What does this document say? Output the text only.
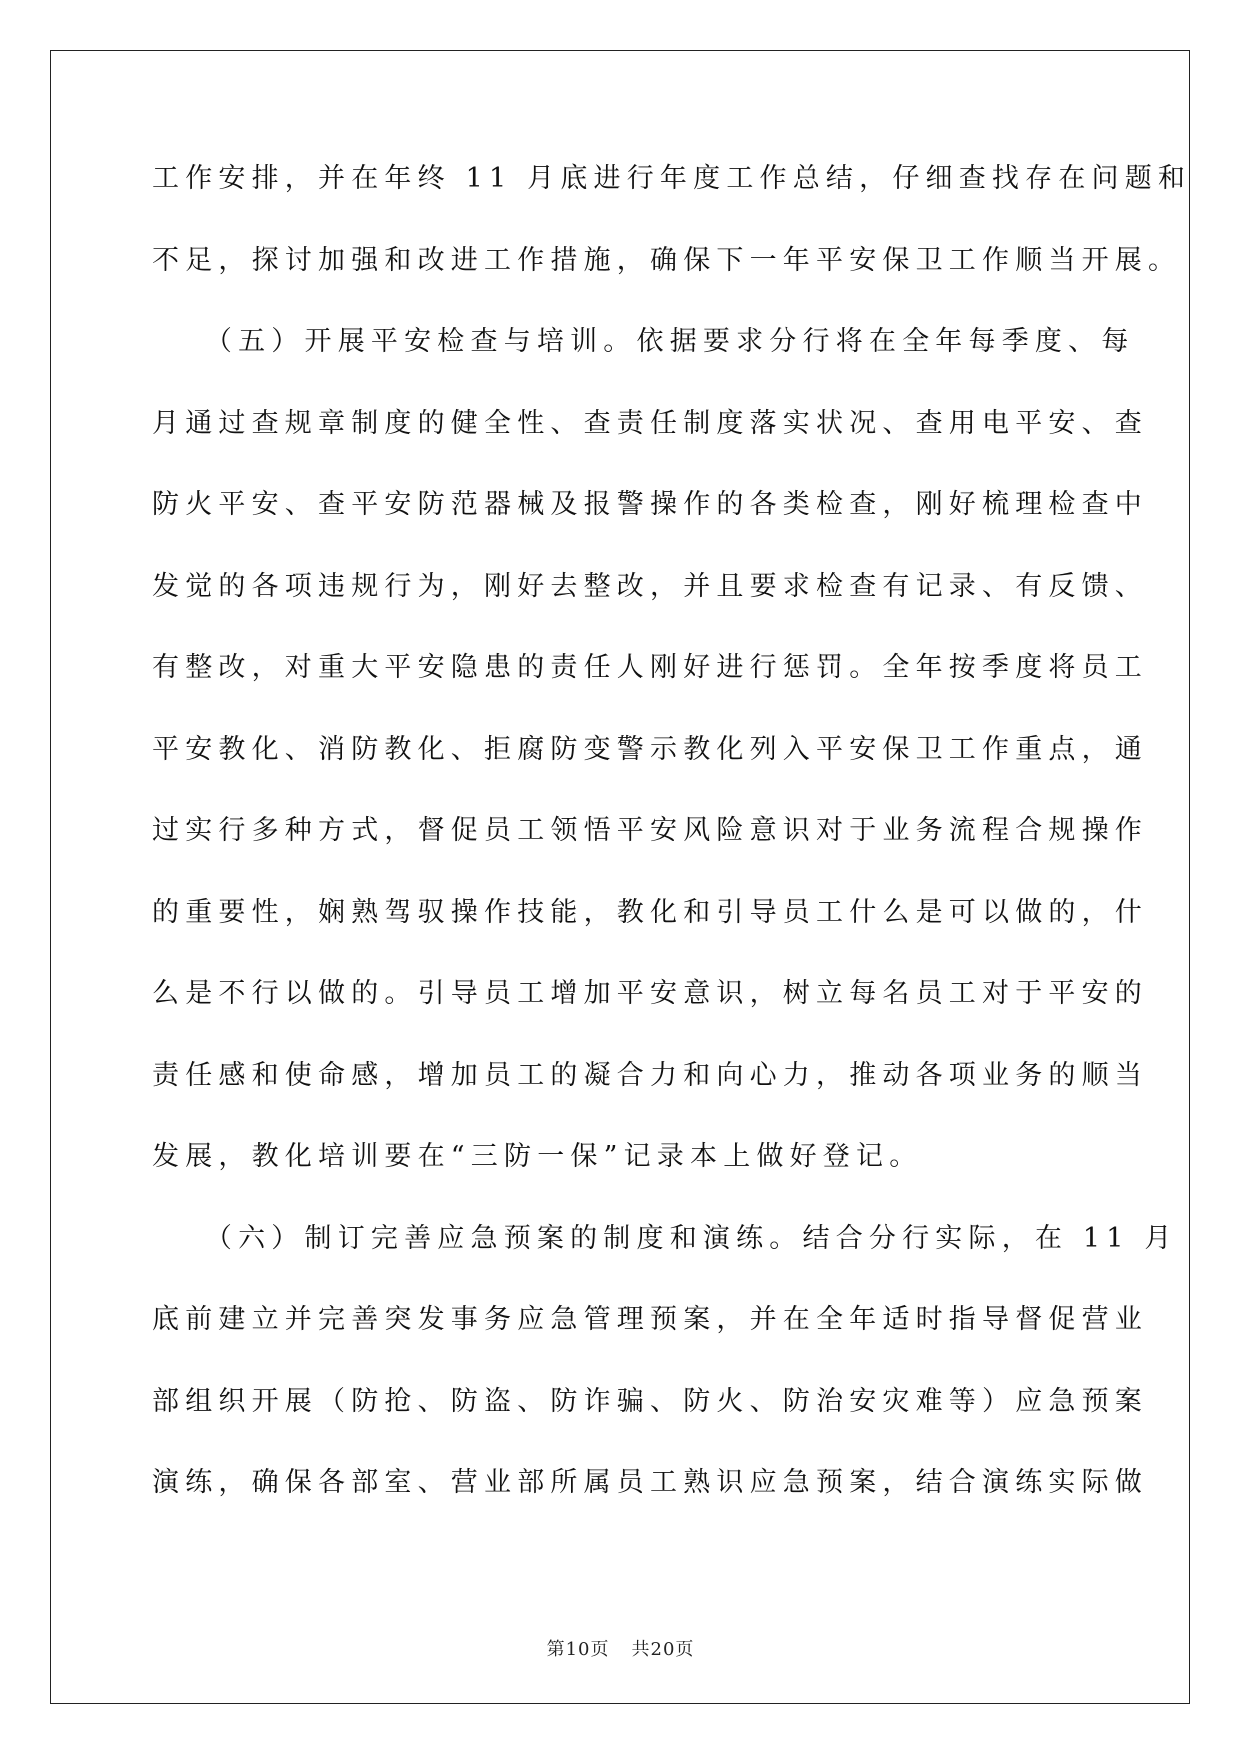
工作安排，并在年终 11 月底进行年度工作总结，仔细查找存在问题和
不足，探讨加强和改进工作措施，确保下一年平安保卫工作顺当开展。
　　（五）开展平安检查与培训。依据要求分行将在全年每季度、每
月通过查规章制度的健全性、查责任制度落实状况、查用电平安、查
防火平安、查平安防范器械及报警操作的各类检查，刚好梳理检查中
发觉的各项违规行为，刚好去整改，并且要求检查有记录、有反馈、
有整改，对重大平安隐患的责任人刚好进行惩罚。全年按季度将员工
平安教化、消防教化、拒腐防变警示教化列入平安保卫工作重点，通
过实行多种方式，督促员工领悟平安风险意识对于业务流程合规操作
的重要性，娴熟驾驭操作技能，教化和引导员工什么是可以做的，什
么是不行以做的。引导员工增加平安意识，树立每名员工对于平安的
责任感和使命感，增加员工的凝合力和向心力，推动各项业务的顺当
发展，教化培训要在“三防一保”记录本上做好登记。
　　（六）制订完善应急预案的制度和演练。结合分行实际，在 11 月
底前建立并完善突发事务应急管理预案，并在全年适时指导督促营业
部组织开展（防抢、防盗、防诈骗、防火、防治安灾难等）应急预案
演练，确保各部室、营业部所属员工熟识应急预案，结合演练实际做
第10页 共20页
